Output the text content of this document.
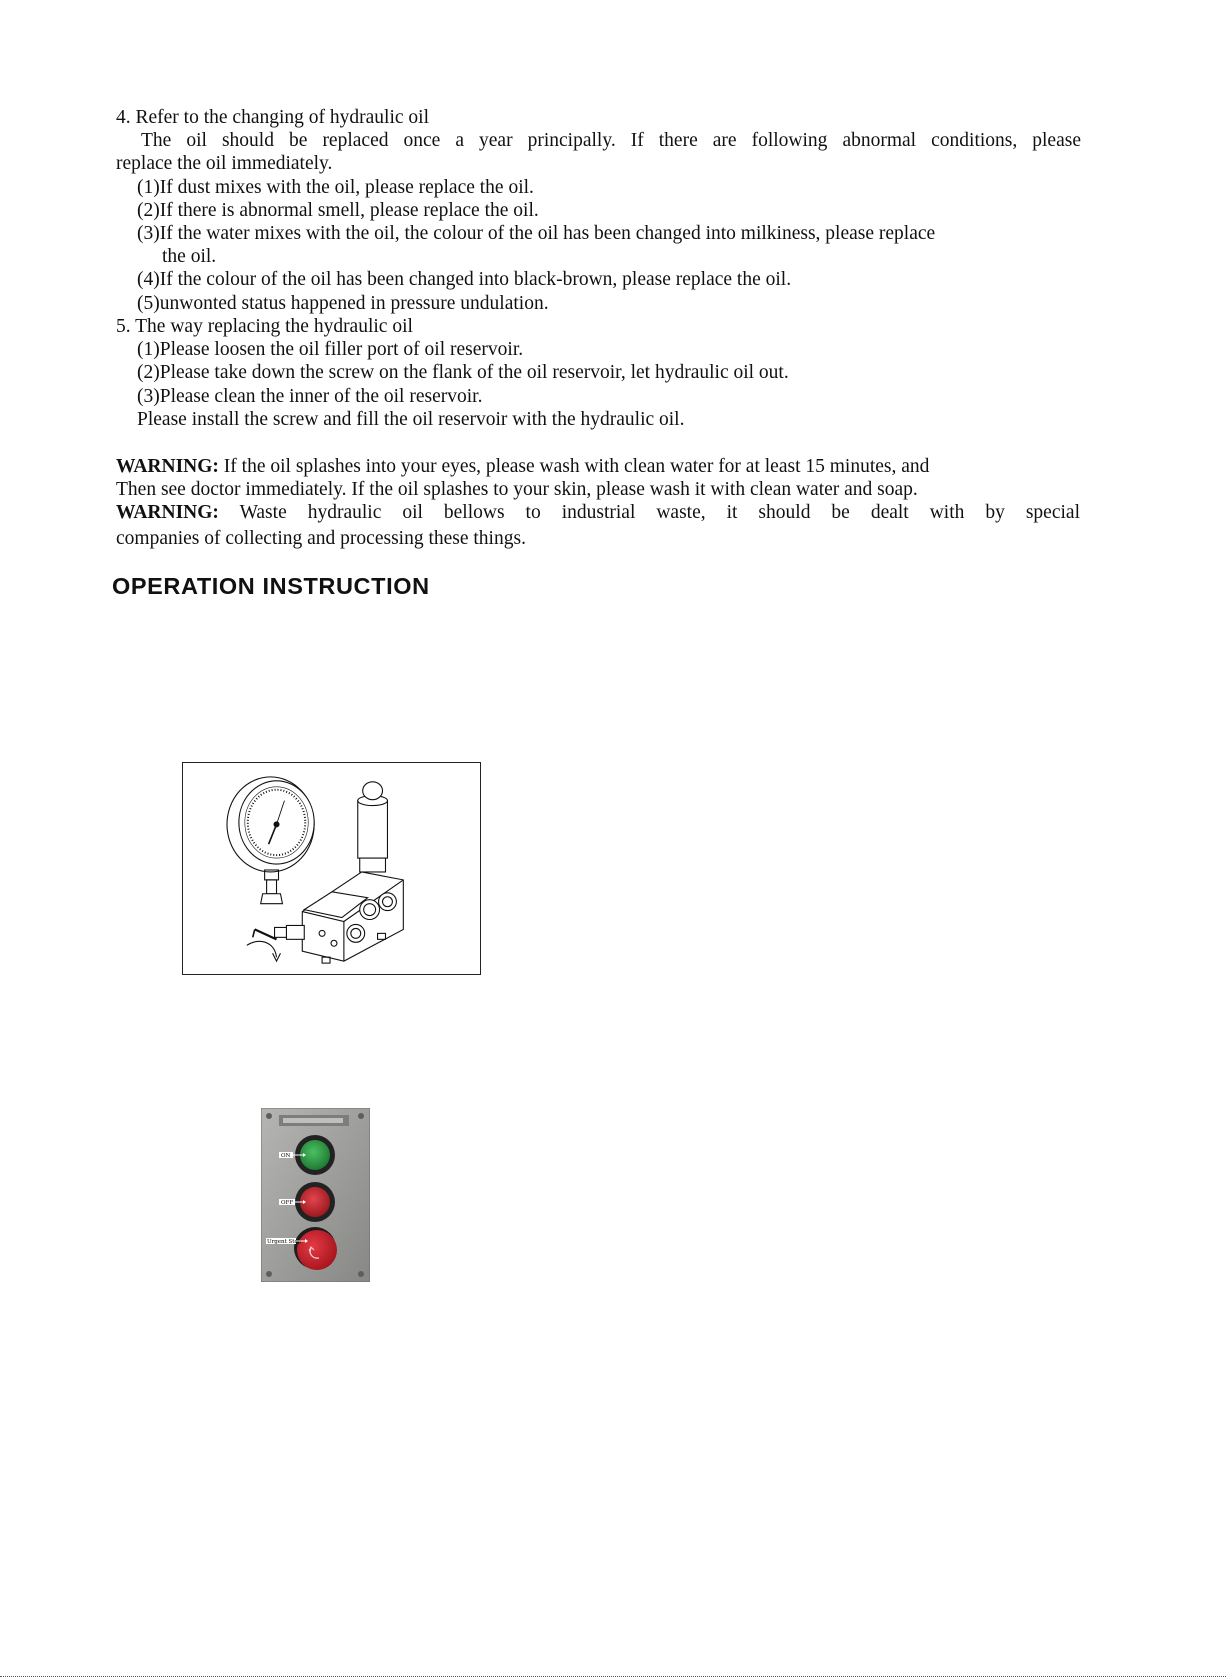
4. Refer to the changing of hydraulic oil
The oil should be replaced once a year principally. If there are following abnormal conditions, please
replace the oil immediately.
(1)If dust mixes with the oil, please replace the oil.
(2)If there is abnormal smell, please replace the oil.
(3)If the water mixes with the oil, the colour of the oil has been changed into milkiness, please replace
the oil.
(4)If the colour of the oil has been changed into black-brown, please replace the oil.
(5)unwonted status happened in pressure undulation.
5. The way replacing the hydraulic oil
(1)Please loosen the oil filler port of oil reservoir.
(2)Please take down the screw on the flank of the oil reservoir, let hydraulic oil out.
(3)Please clean the inner of the oil reservoir.
Please install the screw and fill the oil reservoir with the hydraulic oil.
WARNING: If the oil splashes into your eyes, please wash with clean water for at least 15 minutes, and
Then see doctor immediately. If the oil splashes to your skin, please wash it with clean water and soap.
WARNING: Waste hydraulic oil bellows to industrial waste, it should be dealt with by special
companies of collecting and processing these things.
OPERATION INSTRUCTION
ON
OFF
Urgent Stop
